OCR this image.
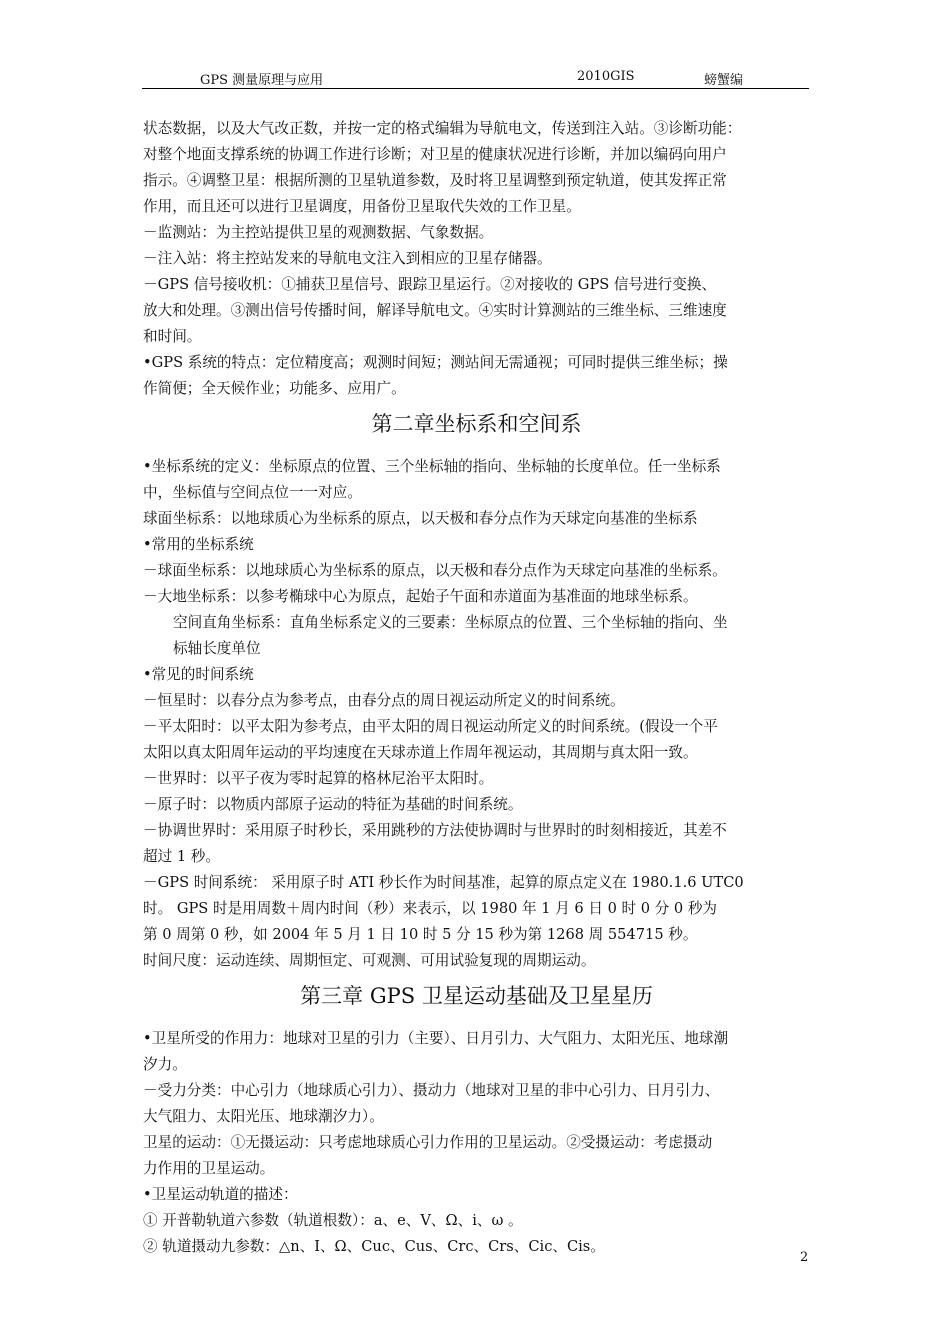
GPS 测量原理与应用	2010GIS	螃蟹编
状态数据，以及大气改正数，并按一定的格式编辑为导航电文，传送到注入站。③诊断功能：
对整个地面支撑系统的协调工作进行诊断；对卫星的健康状况进行诊断，并加以编码向用户
指示。④调整卫星：根据所测的卫星轨道参数，及时将卫星调整到预定轨道，使其发挥正常
作用，而且还可以进行卫星调度，用备份卫星取代失效的工作卫星。
－监测站：为主控站提供卫星的观测数据、气象数据。
－注入站：将主控站发来的导航电文注入到相应的卫星存储器。
－GPS 信号接收机：①捕获卫星信号、跟踪卫星运行。②对接收的 GPS 信号进行变换、
放大和处理。③测出信号传播时间，解译导航电文。④实时计算测站的三维坐标、三维速度
和时间。
•GPS 系统的特点：定位精度高；观测时间短；测站间无需通视；可同时提供三维坐标；操
作简便；全天候作业；功能多、应用广。
第二章坐标系和空间系
•坐标系统的定义：坐标原点的位置、三个坐标轴的指向、坐标轴的长度单位。任一坐标系
中，坐标值与空间点位一一对应。
球面坐标系：以地球质心为坐标系的原点，以天极和春分点作为天球定向基准的坐标系
•常用的坐标系统
－球面坐标系：以地球质心为坐标系的原点，以天极和春分点作为天球定向基准的坐标系。
－大地坐标系：以参考椭球中心为原点，起始子午面和赤道面为基准面的地球坐标系。
空间直角坐标系：直角坐标系定义的三要素：坐标原点的位置、三个坐标轴的指向、坐
标轴长度单位
•常见的时间系统
－恒星时：以春分点为参考点，由春分点的周日视运动所定义的时间系统。
－平太阳时：以平太阳为参考点，由平太阳的周日视运动所定义的时间系统。(假设一个平
太阳以真太阳周年运动的平均速度在天球赤道上作周年视运动，其周期与真太阳一致。
－世界时：以平子夜为零时起算的格林尼治平太阳时。
－原子时：以物质内部原子运动的特征为基础的时间系统。
－协调世界时：采用原子时秒长，采用跳秒的方法使协调时与世界时的时刻相接近，其差不
超过 1 秒。
－GPS 时间系统： 采用原子时 ATI 秒长作为时间基准，起算的原点定义在 1980.1.6 UTC0
时。 GPS 时是用周数＋周内时间（秒）来表示，以 1980 年 1 月 6 日 0 时 0 分 0 秒为
第 0 周第 0 秒，如 2004 年 5 月 1 日 10 时 5 分 15 秒为第 1268 周 554715 秒。
时间尺度：运动连续、周期恒定、可观测、可用试验复现的周期运动。
第三章 GPS 卫星运动基础及卫星星历
•卫星所受的作用力：地球对卫星的引力（主要）、日月引力、大气阻力、太阳光压、地球潮
汐力。
－受力分类：中心引力（地球质心引力）、摄动力（地球对卫星的非中心引力、日月引力、
大气阻力、太阳光压、地球潮汐力）。
卫星的运动：①无摄运动：只考虑地球质心引力作用的卫星运动。②受摄运动：考虑摄动
力作用的卫星运动。
•卫星运动轨道的描述：
① 开普勒轨道六参数（轨道根数）：a、e、V、Ω、i、ω 。
② 轨道摄动九参数：△n、I、Ω、Cuc、Cus、Crc、Crs、Cic、Cis。
2
